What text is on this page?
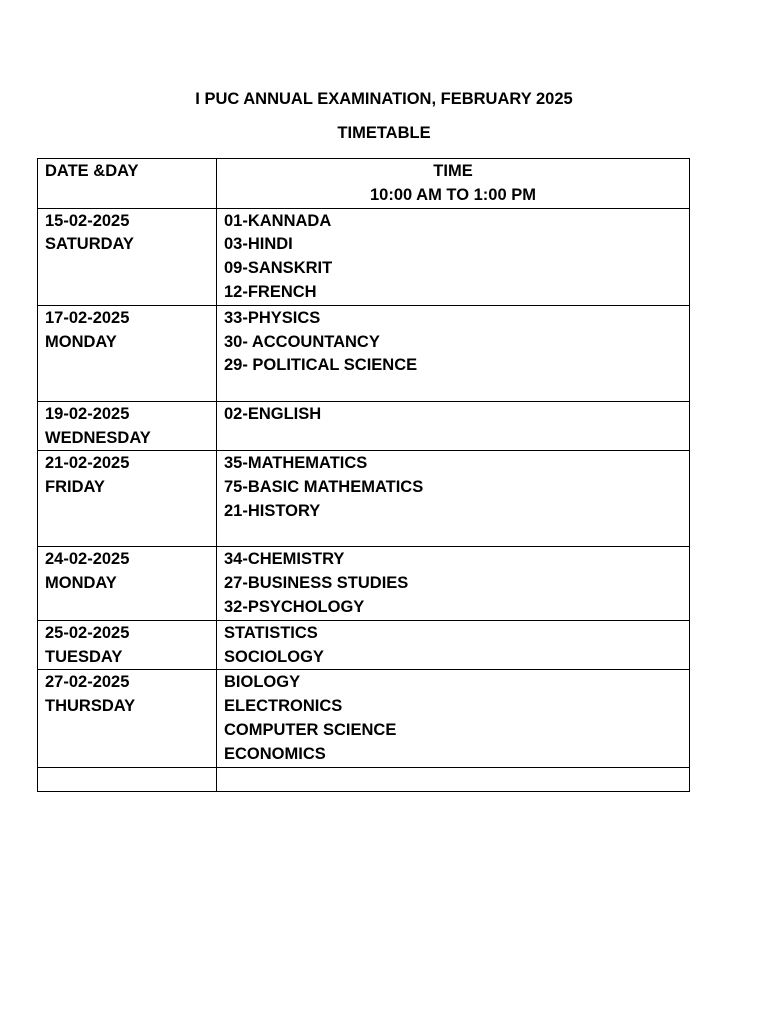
I PUC ANNUAL EXAMINATION, FEBRUARY 2025
TIMETABLE
DATE &DAY	TIME
10:00 AM TO 1:00 PM

15-02-2025
SATURDAY	01-KANNADA
03-HINDI
09-SANSKRIT
12-FRENCH

17-02-2025
MONDAY	33-PHYSICS
30- ACCOUNTANCY
29- POLITICAL SCIENCE

19-02-2025
WEDNESDAY	02-ENGLISH

21-02-2025
FRIDAY	35-MATHEMATICS
75-BASIC MATHEMATICS
21-HISTORY

24-02-2025
MONDAY	34-CHEMISTRY
27-BUSINESS STUDIES
32-PSYCHOLOGY

25-02-2025
TUESDAY	STATISTICS
SOCIOLOGY

27-02-2025
THURSDAY	BIOLOGY
ELECTRONICS
COMPUTER SCIENCE
ECONOMICS
